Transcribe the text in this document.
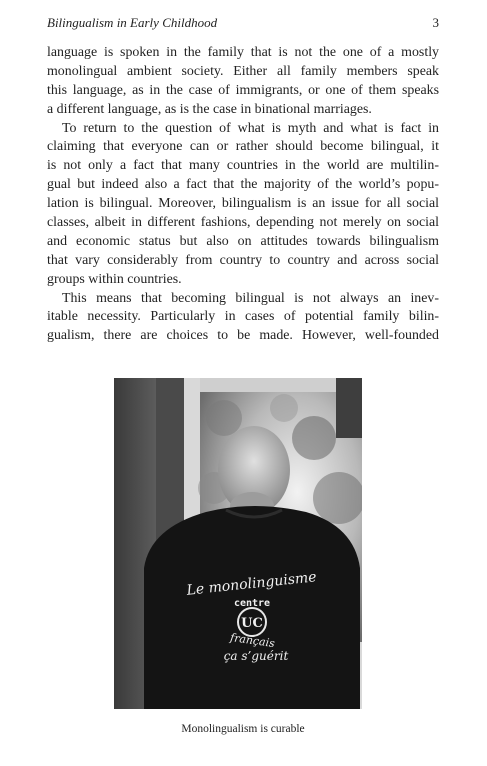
Bilingualism in Early Childhood	3
language is spoken in the family that is not the one of a mostly
monolingual ambient society. Either all family members speak
this language, as in the case of immigrants, or one of them speaks
a different language, as is the case in binational marriages.
To return to the question of what is myth and what is fact in
claiming that everyone can or rather should become bilingual, it
is not only a fact that many countries in the world are multilin-
gual but indeed also a fact that the majority of the world’s popu-
lation is bilingual. Moreover, bilingualism is an issue for all social
classes, albeit in different fashions, depending not merely on social
and economic status but also on attitudes towards bilingualism
that vary considerably from country to country and across social
groups within countries.
This means that becoming bilingual is not always an inev-
itable necessity. Particularly in cases of potential family bilin-
gualism, there are choices to be made. However, well-founded
Le monolinguisme
centre
UC
français
ça s’guérit
Monolingualism is curable
